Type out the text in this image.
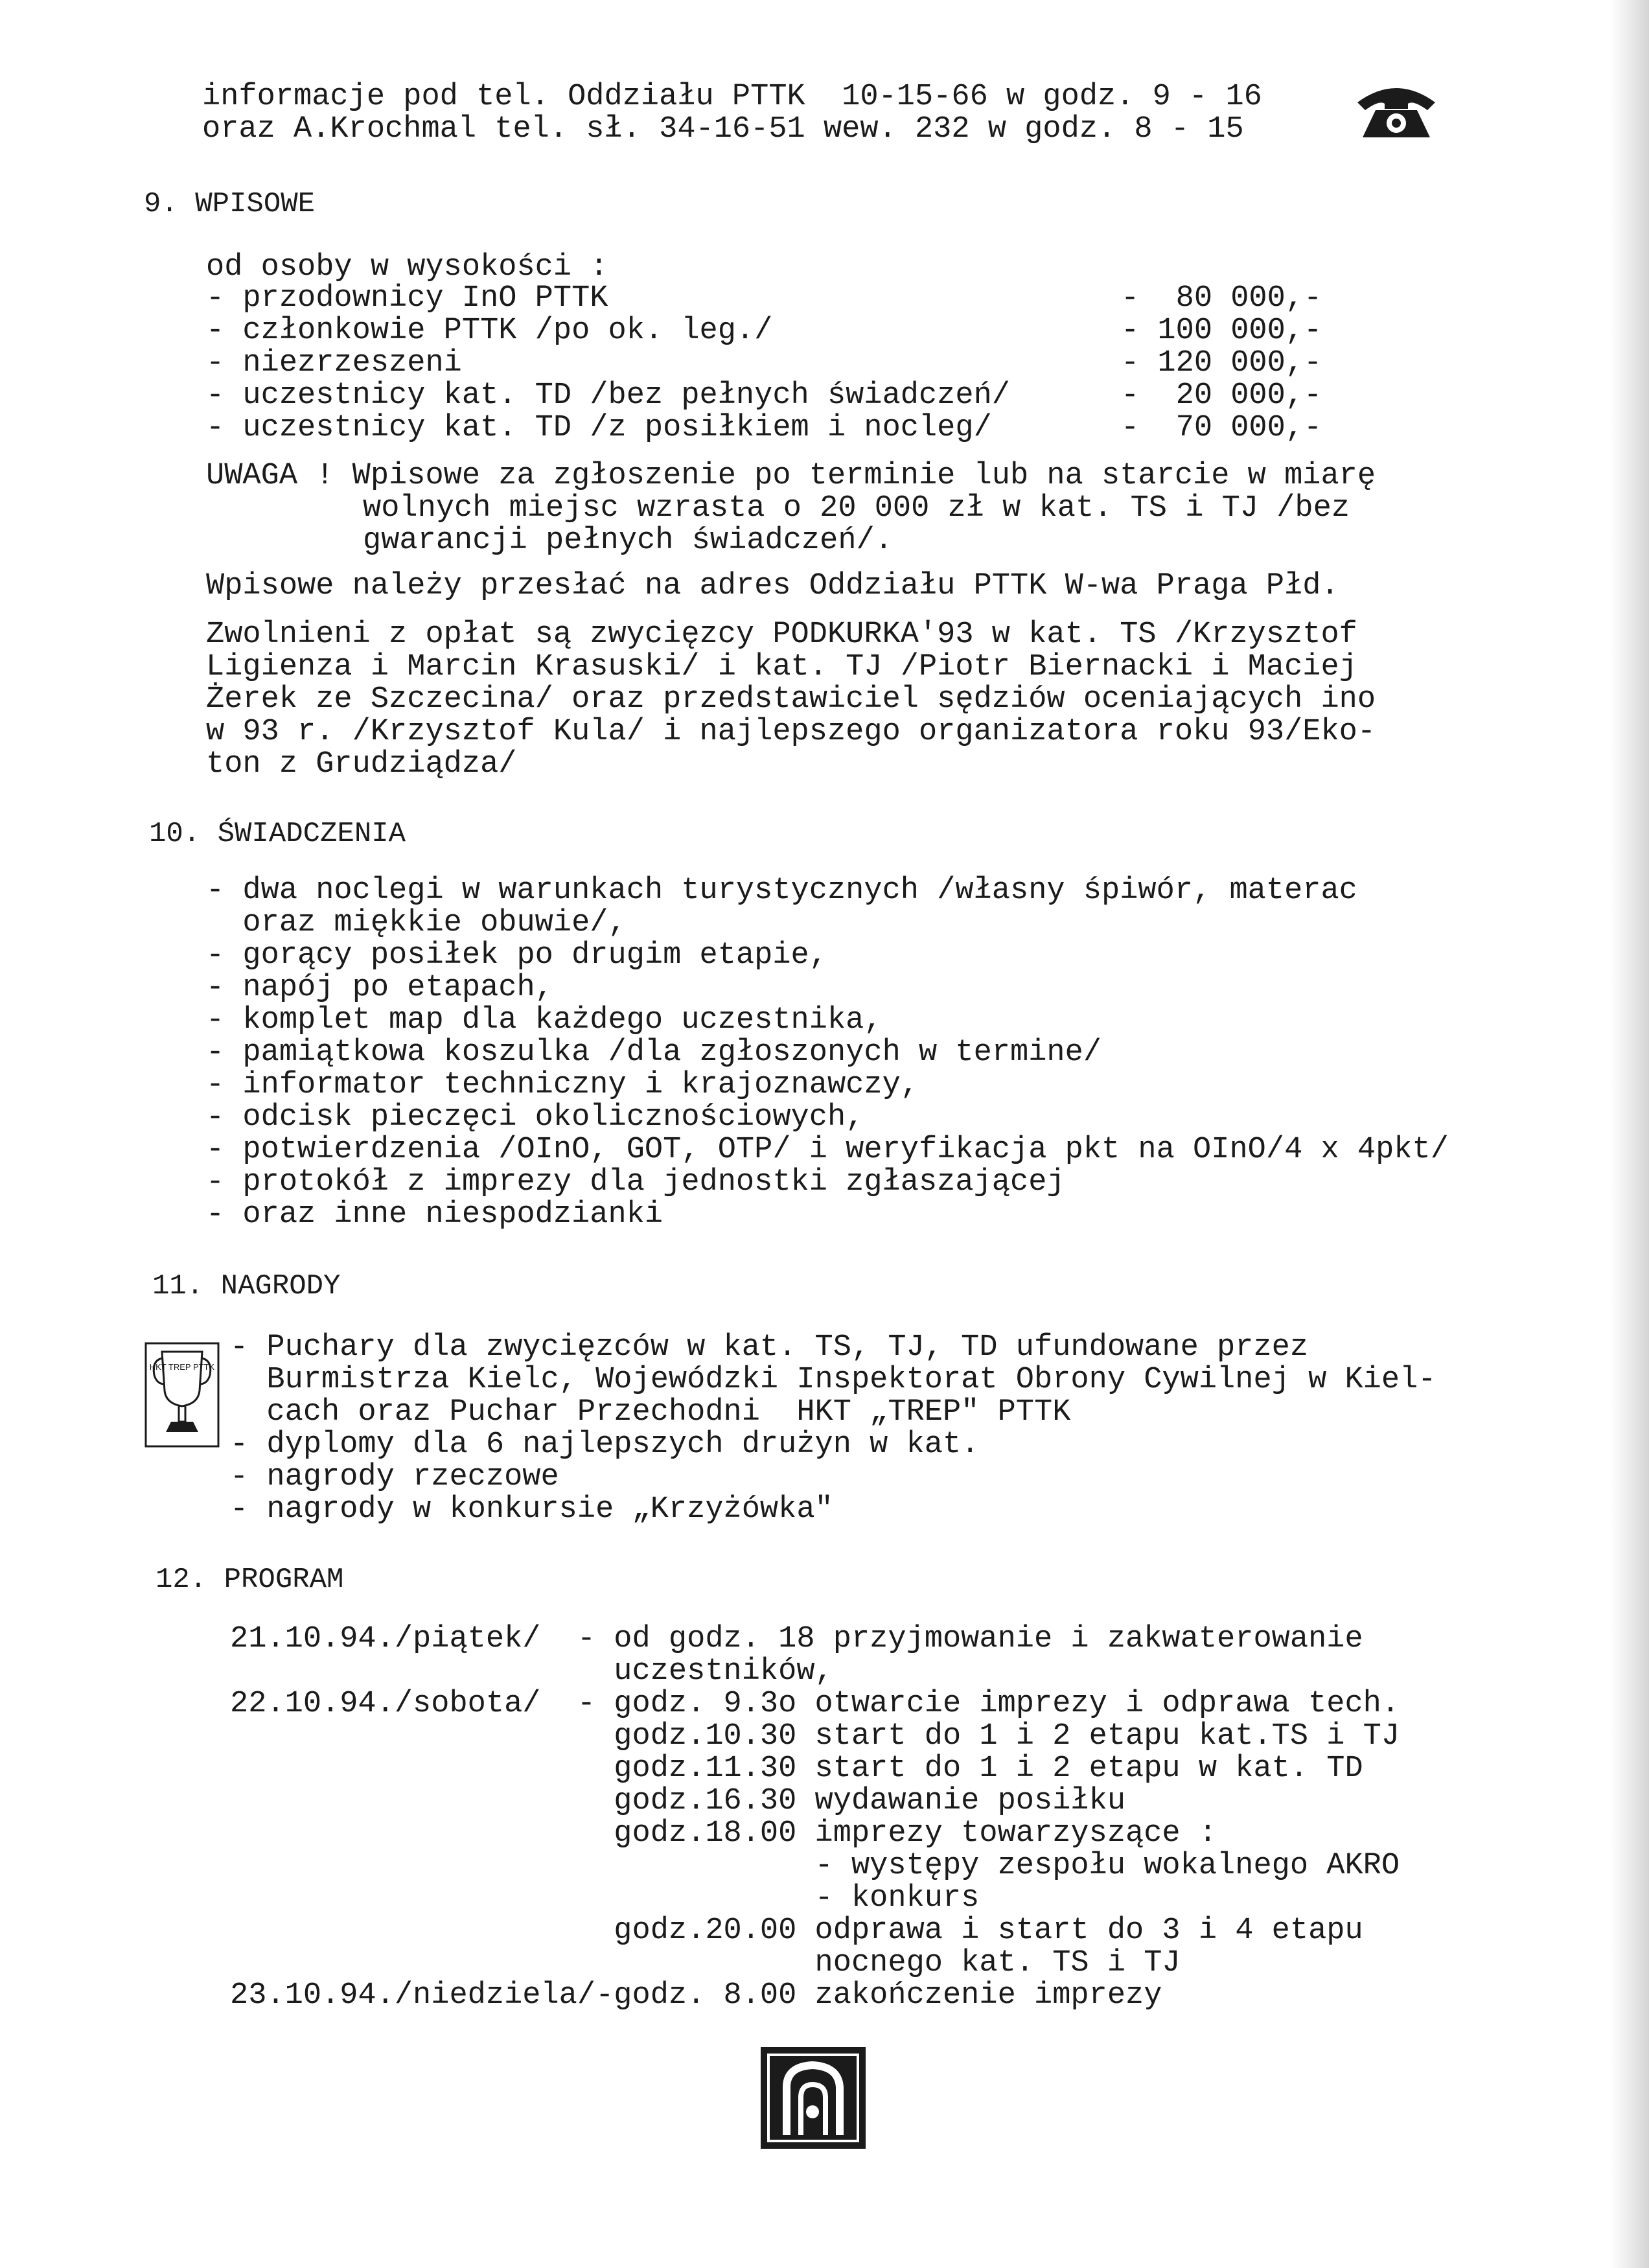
informacje pod tel. Oddziału PTTK  10-15-66 w godz. 9 - 16
oraz A.Krochmal tel. sł. 34-16-51 wew. 232 w godz. 8 - 15
9. WPISOWE
od osoby w wysokości :
- przodownicy InO PTTK	-  80 000,-
- członkowie PTTK /po ok. leg./	- 100 000,-
- niezrzeszeni	- 120 000,-
- uczestnicy kat. TD /bez pełnych świadczeń/	-  20 000,-
- uczestnicy kat. TD /z posiłkiem i nocleg/	-  70 000,-
UWAGA ! Wpisowe za zgłoszenie po terminie lub na starcie w miarę
wolnych miejsc wzrasta o 20 000 zł w kat. TS i TJ /bez
gwarancji pełnych świadczeń/.
Wpisowe należy przesłać na adres Oddziału PTTK W-wa Praga Płd.
Zwolnieni z opłat są zwycięzcy PODKURKA'93 w kat. TS /Krzysztof
Ligienza i Marcin Krasuski/ i kat. TJ /Piotr Biernacki i Maciej
Żerek ze Szczecina/ oraz przedstawiciel sędziów oceniających ino
w 93 r. /Krzysztof Kula/ i najlepszego organizatora roku 93/Eko-
ton z Grudziądza/
10. ŚWIADCZENIA
- dwa noclegi w warunkach turystycznych /własny śpiwór, materac
oraz miękkie obuwie/,
- gorący posiłek po drugim etapie,
- napój po etapach,
- komplet map dla każdego uczestnika,
- pamiątkowa koszulka /dla zgłoszonych w termine/
- informator techniczny i krajoznawczy,
- odcisk pieczęci okolicznościowych,
- potwierdzenia /OInO, GOT, OTP/ i weryfikacja pkt na OInO/4 x 4pkt/
- protokół z imprezy dla jednostki zgłaszającej
- oraz inne niespodzianki
11. NAGRODY
HKT TREP PTTK
- Puchary dla zwycięzców w kat. TS, TJ, TD ufundowane przez
Burmistrza Kielc, Wojewódzki Inspektorat Obrony Cywilnej w Kiel-
cach oraz Puchar Przechodni  HKT „TREP" PTTK
- dyplomy dla 6 najlepszych drużyn w kat.
- nagrody rzeczowe
- nagrody w konkursie „Krzyżówka"
12. PROGRAM
21.10.94./piątek/  - od godz. 18 przyjmowanie i zakwaterowanie
uczestników,
22.10.94./sobota/  - godz. 9.3o otwarcie imprezy i odprawa tech.
godz.10.30 start do 1 i 2 etapu kat.TS i TJ
godz.11.30 start do 1 i 2 etapu w kat. TD
godz.16.30 wydawanie posiłku
godz.18.00 imprezy towarzyszące :
- występy zespołu wokalnego AKRO
- konkurs
godz.20.00 odprawa i start do 3 i 4 etapu
nocnego kat. TS i TJ
23.10.94./niedziela/-godz. 8.00 zakończenie imprezy
